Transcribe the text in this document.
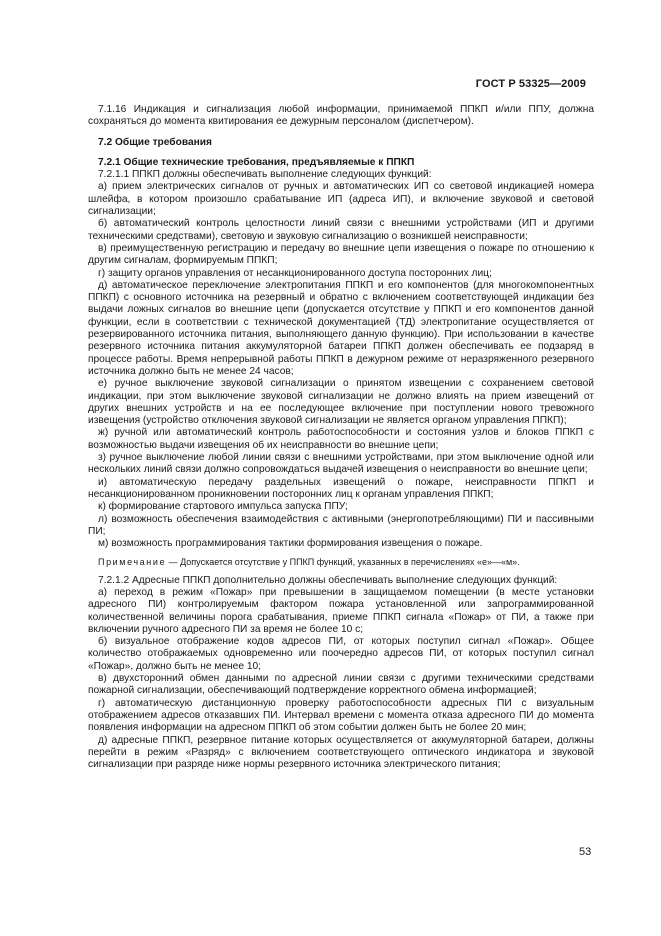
ГОСТ Р 53325—2009

7.1.16 Индикация и сигнализация любой информации, принимаемой ППКП и/или ППУ, должна сохраняться до момента квитирования ее дежурным персоналом (диспетчером).

7.2 Общие требования

7.2.1 Общие технические требования, предъявляемые к ППКП

7.2.1.1 ППКП должны обеспечивать выполнение следующих функций:

а) прием электрических сигналов от ручных и автоматических ИП со световой индикацией номера шлейфа, в котором произошло срабатывание ИП (адреса ИП), и включение звуковой и световой сигнализации;

б) автоматический контроль целостности линий связи с внешними устройствами (ИП и другими техническими средствами), световую и звуковую сигнализацию о возникшей неисправности;

в) преимущественную регистрацию и передачу во внешние цепи извещения о пожаре по отношению к другим сигналам, формируемым ППКП;

г) защиту органов управления от несанкционированного доступа посторонних лиц;

д) автоматическое переключение электропитания ППКП и его компонентов (для многокомпонентных ППКП) с основного источника на резервный и обратно с включением соответствующей индикации без выдачи ложных сигналов во внешние цепи (допускается отсутствие у ППКП и его компонентов данной функции, если в соответствии с технической документацией (ТД) электропитание осуществляется от резервированного источника питания, выполняющего данную функцию). При использовании в качестве резервного источника питания аккумуляторной батареи ППКП должен обеспечивать ее подзаряд в процессе работы. Время непрерывной работы ППКП в дежурном режиме от неразряженного резервного источника должно быть не менее 24 часов;

е) ручное выключение звуковой сигнализации о принятом извещении с сохранением световой индикации, при этом выключение звуковой сигнализации не должно влиять на прием извещений от других внешних устройств и на ее последующее включение при поступлении нового тревожного извещения (устройство отключения звуковой сигнализации не является органом управления ППКП);

ж) ручной или автоматический контроль работоспособности и состояния узлов и блоков ППКП с возможностью выдачи извещения об их неисправности во внешние цепи;

з) ручное выключение любой линии связи с внешними устройствами, при этом выключение одной или нескольких линий связи должно сопровождаться выдачей извещения о неисправности во внешние цепи;

и) автоматическую передачу раздельных извещений о пожаре, неисправности ППКП и несанкционированном проникновении посторонних лиц к органам управления ППКП;

к) формирование стартового импульса запуска ППУ;

л) возможность обеспечения взаимодействия с активными (энергопотребляющими) ПИ и пассивными ПИ;

м) возможность программирования тактики формирования извещения о пожаре.

Примечание — Допускается отсутствие у ППКП функций, указанных в перечислениях «е»—«м».

7.2.1.2 Адресные ППКП дополнительно должны обеспечивать выполнение следующих функций:

а) переход в режим «Пожар» при превышении в защищаемом помещении (в месте установки адресного ПИ) контролируемым фактором пожара установленной или запрограммированной количественной величины порога срабатывания, приеме ППКП сигнала «Пожар» от ПИ, а также при включении ручного адресного ПИ за время не более 10 с;

б) визуальное отображение кодов адресов ПИ, от которых поступил сигнал «Пожар». Общее количество отображаемых одновременно или поочередно адресов ПИ, от которых поступил сигнал «Пожар», должно быть не менее 10;

в) двухсторонний обмен данными по адресной линии связи с другими техническими средствами пожарной сигнализации, обеспечивающий подтверждение корректного обмена информацией;

г) автоматическую дистанционную проверку работоспособности адресных ПИ с визуальным отображением адресов отказавших ПИ. Интервал времени с момента отказа адресного ПИ до момента появления информации на адресном ППКП об этом событии должен быть не более 20 мин;

д) адресные ППКП, резервное питание которых осуществляется от аккумуляторной батареи, должны перейти в режим «Разряд» с включением соответствующего оптического индикатора и звуковой сигнализации при разряде ниже нормы резервного источника электрического питания;

53
